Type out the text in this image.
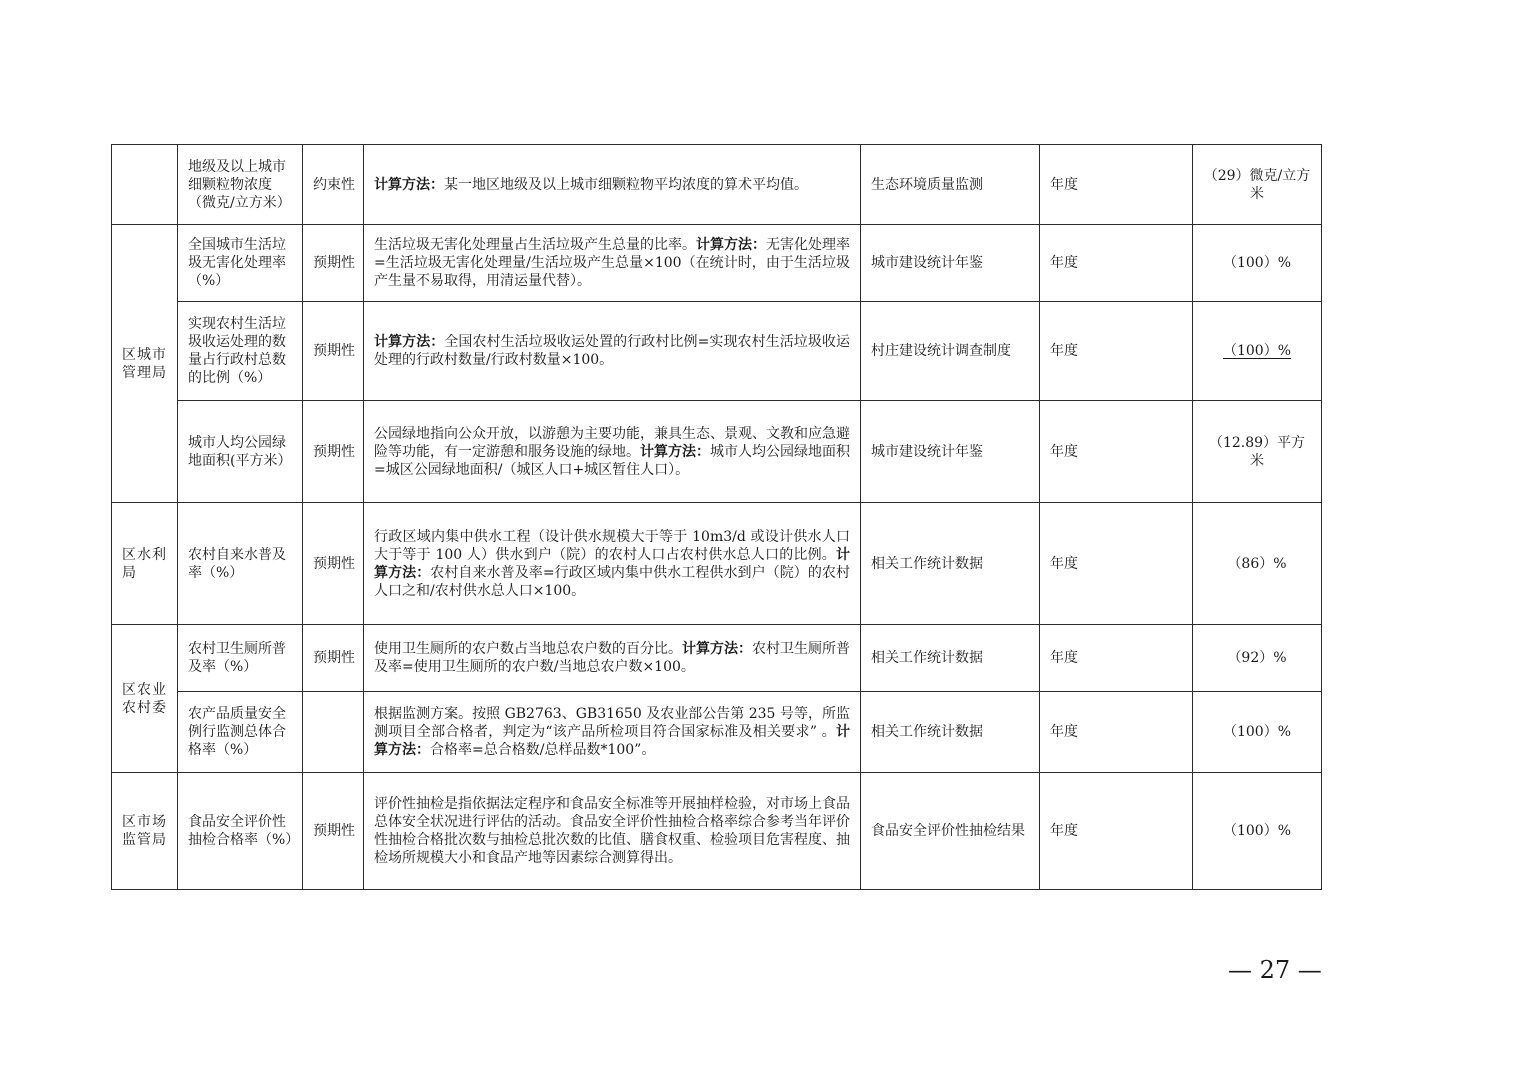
	地级及以上城市细颗粒物浓度（微克/立方米）	约束性	计算方法：某一地区地级及以上城市细颗粒物平均浓度的算术平均值。	生态环境质量监测	年度	（29）微克/立方米
区城市管理局	全国城市生活垃圾无害化处理率（%）	预期性	生活垃圾无害化处理量占生活垃圾产生总量的比率。计算方法：无害化处理率=生活垃圾无害化处理量/生活垃圾产生总量×100（在统计时，由于生活垃圾产生量不易取得，用清运量代替）。	城市建设统计年鉴	年度	（100）%
	实现农村生活垃圾收运处理的数量占行政村总数的比例（%）	预期性	计算方法：全国农村生活垃圾收运处置的行政村比例=实现农村生活垃圾收运处理的行政村数量/行政村数量×100。	村庄建设统计调查制度	年度	（100）%
	城市人均公园绿地面积(平方米）	预期性	公园绿地指向公众开放，以游憩为主要功能，兼具生态、景观、文教和应急避险等功能，有一定游憩和服务设施的绿地。计算方法：城市人均公园绿地面积=城区公园绿地面积/（城区人口+城区暂住人口）。	城市建设统计年鉴	年度	（12.89）平方米
区水利局	农村自来水普及率（%）	预期性	行政区域内集中供水工程（设计供水规模大于等于 10m3/d 或设计供水人口大于等于 100 人）供水到户（院）的农村人口占农村供水总人口的比例。计算方法：农村自来水普及率=行政区域内集中供水工程供水到户（院）的农村人口之和/农村供水总人口×100。	相关工作统计数据	年度	（86）%
区农业农村委	农村卫生厕所普及率（%）	预期性	使用卫生厕所的农户数占当地总农户数的百分比。计算方法：农村卫生厕所普及率=使用卫生厕所的农户数/当地总农户数×100。	相关工作统计数据	年度	（92）%
	农产品质量安全例行监测总体合格率（%）		根据监测方案。按照 GB2763、GB31650 及农业部公告第 235 号等，所监测项目全部合格者，判定为“该产品所检项目符合国家标准及相关要求” 。计算方法：合格率=总合格数/总样品数*100”。	相关工作统计数据	年度	（100）%
区市场监管局	食品安全评价性抽检合格率（%）	预期性	评价性抽检是指依据法定程序和食品安全标准等开展抽样检验，对市场上食品总体安全状况进行评估的活动。食品安全评价性抽检合格率综合参考当年评价性抽检合格批次数与抽检总批次数的比值、膳食权重、检验项目危害程度、抽检场所规模大小和食品产地等因素综合测算得出。	食品安全评价性抽检结果	年度	（100）%
— 27 —
